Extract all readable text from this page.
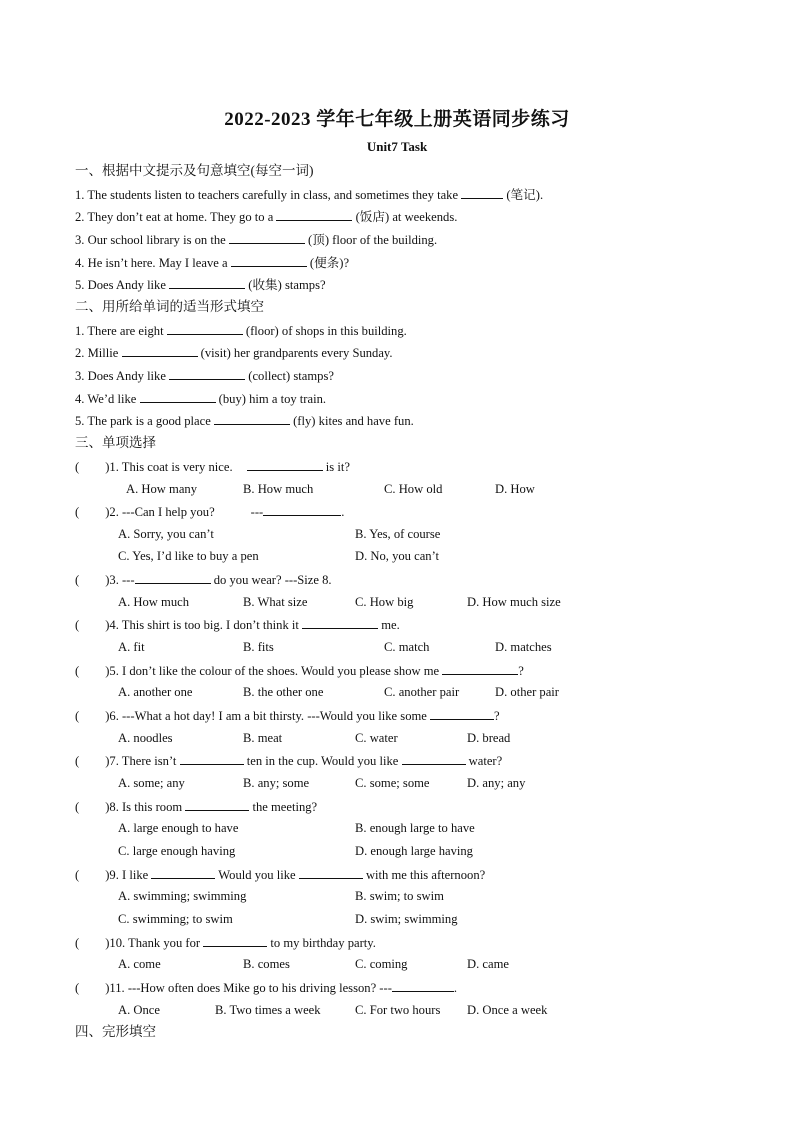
2022-2023 学年七年级上册英语同步练习
Unit7 Task
一、根据中文提示及句意填空(每空一词)
1. The students listen to teachers carefully in class, and sometimes they take	(笔记).
2. They don’t eat at home. They go to a	(饭店) at weekends.
3. Our school library is on the	(顶) floor of the building.
4. He isn’t here. May I leave a	(便条)?
5. Does Andy like	(收集) stamps?
二、用所给单词的适当形式填空
1. There are eight	(floor) of shops in this building.
2. Millie	(visit) her grandparents every Sunday.
3. Does Andy like	(collect) stamps?
4. We’d like	(buy) him a toy train.
5. The park is a good place	(fly) kites and have fun.
三、单项选择
( )1. This coat is very nice.	is it?
A. How many	B. How much	C. How old	D. How
( )2. ---Can I help you?	---	.
A. Sorry, you can’t	B. Yes, of course
C. Yes, I’d like to buy a pen	D. No, you can’t
( )3. ---	do you wear? ---Size 8.
A. How much	B. What size	C. How big	D. How much size
( )4. This shirt is too big. I don’t think it	me.
A. fit	B. fits	C. match	D. matches
( )5. I don’t like the colour of the shoes. Would you please show me	?
A. another one	B. the other one	C. another pair	D. other pair
( )6. ---What a hot day! I am a bit thirsty. ---Would you like some	?
A. noodles	B. meat	C. water	D. bread
( )7. There isn’t	ten in the cup. Would you like	water?
A. some; any	B. any; some	C. some; some	D. any; any
( )8. Is this room	the meeting?
A. large enough to have	B. enough large to have
C. large enough having	D. enough large having
( )9. I like	Would you like	with me this afternoon?
A. swimming; swimming	B. swim; to swim
C. swimming; to swim	D. swim; swimming
( )10. Thank you for	to my birthday party.
A. come	B. comes	C. coming	D. came
( )11. ---How often does Mike go to his driving lesson? ---	.
A. Once	B. Two times a week	C. For two hours D. Once a week
四、完形填空
